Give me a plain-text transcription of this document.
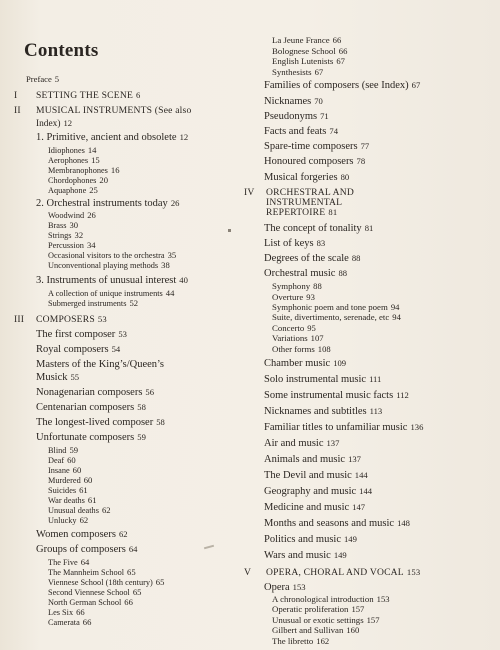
Contents
Preface 5
I SETTING THE SCENE 6
II MUSICAL INSTRUMENTS (See also
Index) 12
1. Primitive, ancient and obsolete 12
Idiophones 14
Aerophones 15
Membranophones 16
Chordophones 20
Aquaphone 25
2. Orchestral instruments today 26
Woodwind 26
Brass 30
Strings 32
Percussion 34
Occasional visitors to the orchestra 35
Unconventional playing methods 38
3. Instruments of unusual interest 40
A collection of unique instruments 44
Submerged instruments 52
III COMPOSERS 53
The first composer 53
Royal composers 54
Masters of the King’s/Queen’s
Musick 55
Nonagenarian composers 56
Centenarian composers 58
The longest-lived composer 58
Unfortunate composers 59
Blind 59
Deaf 60
Insane 60
Murdered 60
Suicides 61
War deaths 61
Unusual deaths 62
Unlucky 62
Women composers 62
Groups of composers 64
The Five 64
The Mannheim School 65
Viennese School (18th century) 65
Second Viennese School 65
North German School 66
Les Six 66
Camerata 66
La Jeune France 66
Bolognese School 66
English Lutenists 67
Synthesists 67
Families of composers (see Index) 67
Nicknames 70
Pseudonyms 71
Facts and feats 74
Spare-time composers 77
Honoured composers 78
Musical forgeries 80
IV ORCHESTRAL AND
INSTRUMENTAL
REPERTOIRE 81
The concept of tonality 81
List of keys 83
Degrees of the scale 88
Orchestral music 88
Symphony 88
Overture 93
Symphonic poem and tone poem 94
Suite, divertimento, serenade, etc 94
Concerto 95
Variations 107
Other forms 108
Chamber music 109
Solo instrumental music 111
Some instrumental music facts 112
Nicknames and subtitles 113
Familiar titles to unfamiliar music 136
Air and music 137
Animals and music 137
The Devil and music 144
Geography and music 144
Medicine and music 147
Months and seasons and music 148
Politics and music 149
Wars and music 149
V OPERA, CHORAL AND VOCAL 153
Opera 153
A chronological introduction 153
Operatic proliferation 157
Unusual or exotic settings 157
Gilbert and Sullivan 160
The libretto 162
